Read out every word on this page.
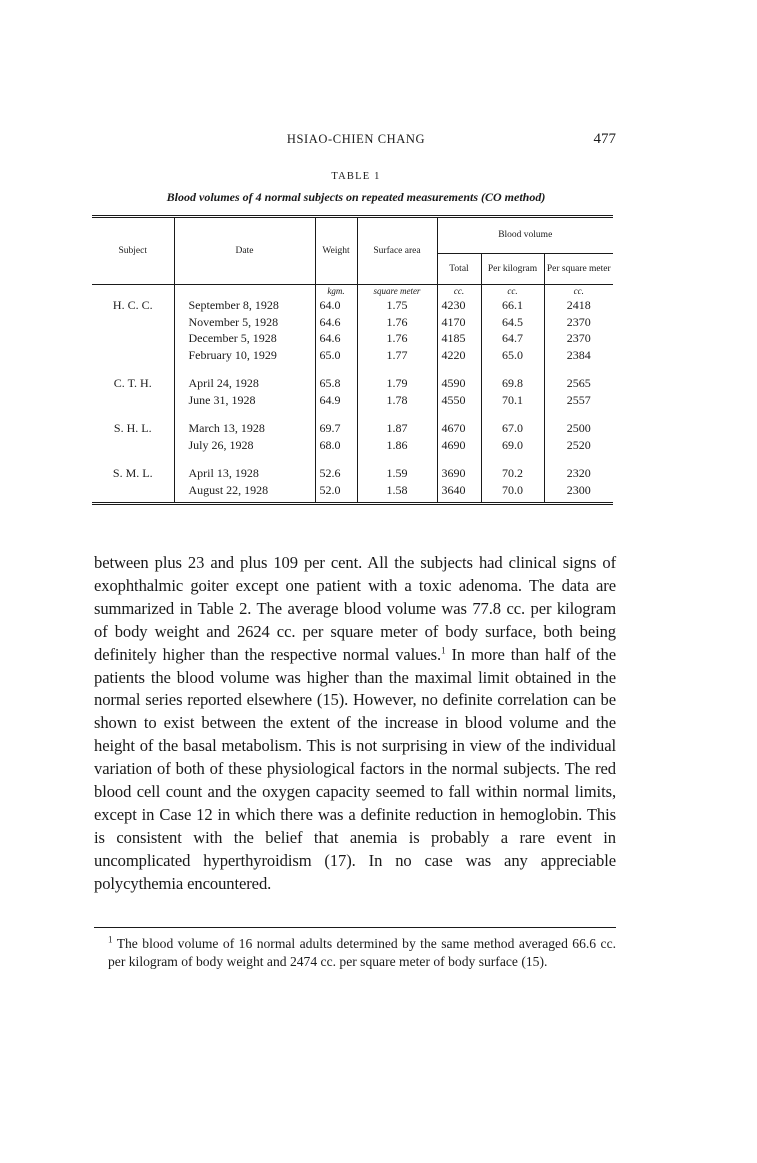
HSIAO-CHIEN CHANG	477
TABLE 1
Blood volumes of 4 normal subjects on repeated measurements (CO method)
Subject	Date	Weight	Surface area	Blood volume		
				Total	Per kilogram	Per square meter
		kgm.	square meter	cc.	cc.	cc.
H. C. C.	September 8, 1928	64.0	1.75	4230	66.1	2418
	November 5, 1928	64.6	1.76	4170	64.5	2370
	December 5, 1928	64.6	1.76	4185	64.7	2370
	February 10, 1929	65.0	1.77	4220	65.0	2384

C. T. H.	April 24, 1928	65.8	1.79	4590	69.8	2565
	June 31, 1928	64.9	1.78	4550	70.1	2557

S. H. L.	March 13, 1928	69.7	1.87	4670	67.0	2500
	July 26, 1928	68.0	1.86	4690	69.0	2520

S. M. L.	April 13, 1928	52.6	1.59	3690	70.2	2320
	August 22, 1928	52.0	1.58	3640	70.0	2300

between plus 23 and plus 109 per cent. All the subjects had clinical signs of exophthalmic goiter except one patient with a toxic adenoma. The data are summarized in Table 2. The average blood volume was 77.8 cc. per kilogram of body weight and 2624 cc. per square meter of body surface, both being definitely higher than the respective normal values.$^1$ In more than half of the patients the blood volume was higher than the maximal limit obtained in the normal series reported elsewhere (15). However, no definite correlation can be shown to exist between the extent of the increase in blood volume and the height of the basal metabolism. This is not surprising in view of the individual variation of both of these physiological factors in the normal subjects. The red blood cell count and the oxygen capacity seemed to fall within normal limits, except in Case 12 in which there was a definite reduction in hemoglobin. This is consistent with the belief that anemia is probably a rare event in uncomplicated hyperthyroidism (17). In no case was any appreciable polycythemia encountered.

$^1$ The blood volume of 16 normal adults determined by the same method averaged 66.6 cc. per kilogram of body weight and 2474 cc. per square meter of body surface (15).
